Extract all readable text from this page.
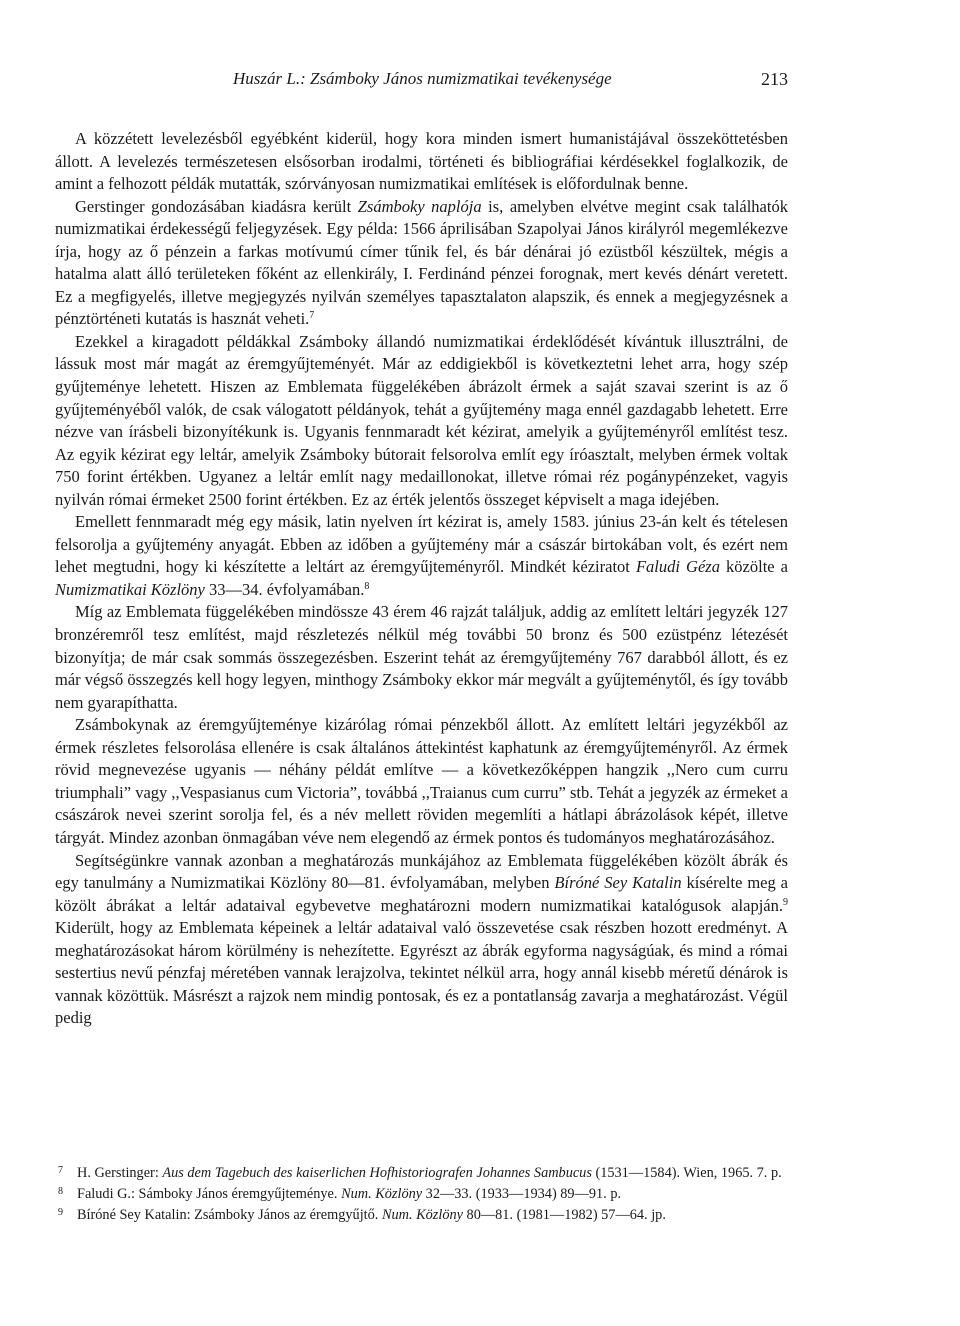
Huszár L.: Zsámboky János numizmatikai tevékenysége	213

A közzétett levelezésből egyébként kiderül, hogy kora minden ismert humanistájával összeköttetésben állott. A levelezés természetesen elsősorban irodalmi, történeti és bibliográfiai kérdésekkel foglalkozik, de amint a felhozott példák mutatták, szórványosan numizmatikai említések is előfordulnak benne.

Gerstinger gondozásában kiadásra került Zsámboky naplója is, amelyben elvétve megint csak találhatók numizmatikai érdekességű feljegyzések. Egy példa: 1566 áprilisában Szapolyai János királyról megemlékezve írja, hogy az ő pénzein a farkas motívumú címer tűnik fel, és bár dénárai jó ezüstből készültek, mégis a hatalma alatt álló területeken főként az ellenkirály, I. Ferdinánd pénzei forognak, mert kevés dénárt veretett. Ez a megfigyelés, illetve megjegyzés nyilván személyes tapasztalaton alapszik, és ennek a megjegyzésnek a pénztörténeti kutatás is hasznát veheti.$^7$

Ezekkel a kiragadott példákkal Zsámboky állandó numizmatikai érdeklődését kívántuk illusztrálni, de lássuk most már magát az éremgyűjteményét. Már az eddigiekből is következtetni lehet arra, hogy szép gyűjteménye lehetett. Hiszen az Emblemata függelékében ábrázolt érmek a saját szavai szerint is az ő gyűjteményéből valók, de csak válogatott példányok, tehát a gyűjtemény maga ennél gazdagabb lehetett. Erre nézve van írásbeli bizonyítékunk is. Ugyanis fennmaradt két kézirat, amelyik a gyűjteményről említést tesz. Az egyik kézirat egy leltár, amelyik Zsámboky bútorait felsorolva említ egy íróasztalt, melyben érmek voltak 750 forint értékben. Ugyanez a leltár említ nagy medaillonokat, illetve római réz pogánypénzeket, vagyis nyilván római érmeket 2500 forint értékben. Ez az érték jelentős összeget képviselt a maga idejében.

Emellett fennmaradt még egy másik, latin nyelven írt kézirat is, amely 1583. június 23-án kelt és tételesen felsorolja a gyűjtemény anyagát. Ebben az időben a gyűjtemény már a császár birtokában volt, és ezért nem lehet megtudni, hogy ki készítette a leltárt az éremgyűjteményről. Mindkét kéziratot Faludi Géza közölte a Numizmatikai Közlöny 33—34. évfolyamában.$^8$

Míg az Emblemata függelékében mindössze 43 érem 46 rajzát találjuk, addig az említett leltári jegyzék 127 bronzéremről tesz említést, majd részletezés nélkül még további 50 bronz és 500 ezüstpénz létezését bizonyítja; de már csak sommás összegezésben. Eszerint tehát az éremgyűjtemény 767 darabból állott, és ez már végső összegzés kell hogy legyen, minthogy Zsámboky ekkor már megvált a gyűjteménytől, és így tovább nem gyarapíthatta.

Zsámbokynak az éremgyűjteménye kizárólag római pénzekből állott. Az említett leltári jegyzékből az érmek részletes felsorolása ellenére is csak általános áttekintést kaphatunk az éremgyűjteményről. Az érmek rövid megnevezése ugyanis — néhány példát említve — a következőképpen hangzik ,,Nero cum curru triumphali” vagy ,,Vespasianus cum Victoria”, továbbá ,,Traianus cum curru” stb. Tehát a jegyzék az érmeket a császárok nevei szerint sorolja fel, és a név mellett röviden megemlíti a hátlapi ábrázolások képét, illetve tárgyát. Mindez azonban önmagában véve nem elegendő az érmek pontos és tudományos meghatározásához.

Segítségünkre vannak azonban a meghatározás munkájához az Emblemata függelékében közölt ábrák és egy tanulmány a Numizmatikai Közlöny 80—81. évfolyamában, melyben Bíróné Sey Katalin kísérelte meg a közölt ábrákat a leltár adataival egybevetve meghatározni modern numizmatikai katalógusok alapján.$^9$ Kiderült, hogy az Emblemata képeinek a leltár adataival való összevetése csak részben hozott eredményt. A meghatározásokat három körülmény is nehezítette. Egyrészt az ábrák egyforma nagyságúak, és mind a római sestertius nevű pénzfaj méretében vannak lerajzolva, tekintet nélkül arra, hogy annál kisebb méretű dénárok is vannak közöttük. Másrészt a rajzok nem mindig pontosak, és ez a pontatlanság zavarja a meghatározást. Végül pedig

7 H. Gerstinger: Aus dem Tagebuch des kaiserlichen Hofhistoriografen Johannes Sambucus (1531—1584). Wien, 1965. 7. p.
8 Faludi G.: Sámboky János éremgyűjteménye. Num. Közlöny 32—33. (1933—1934) 89—91. p.
9 Bíróné Sey Katalin: Zsámboky János az éremgyűjtő. Num. Közlöny 80—81. (1981—1982) 57—64. jp.
